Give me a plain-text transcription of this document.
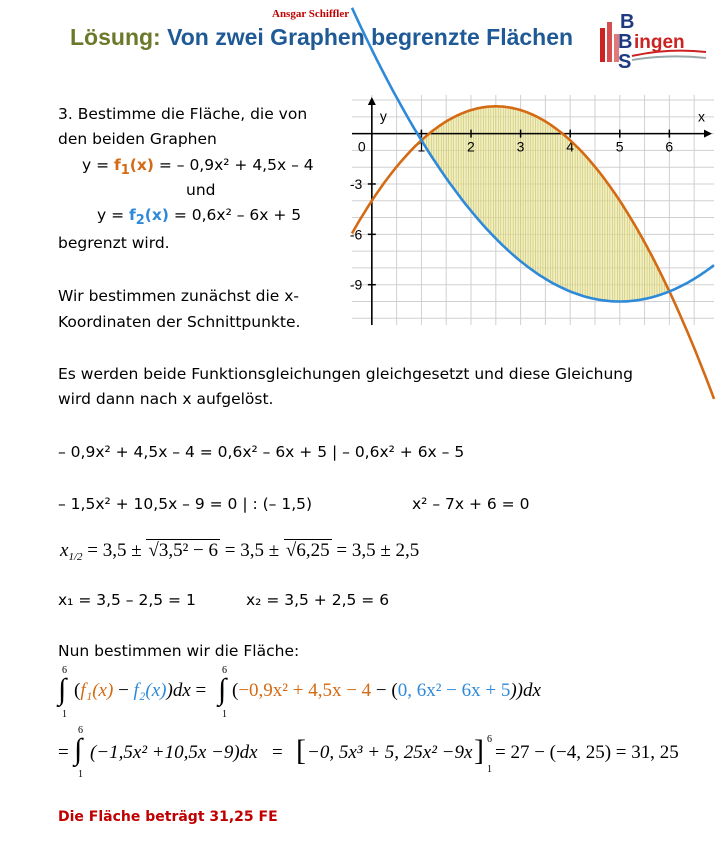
Ansgar Schiffler
Lösung: Von zwei Graphen begrenzte Flächen
B
B
S
ingen
3. Bestimme die Fläche, die von
den beiden Graphen
$y = f_1(x)$ = – 0,9x² + 4,5x – 4
und
$y = f_2(x) = 0,6x^2 - 6x + 5$
begrenzt wird.
Wir bestimmen zunächst die x-
Koordinaten der Schnittpunkte.
0	1	2	3	4	5	6
-3
-6
-9
x
y
Es werden beide Funktionsgleichungen gleichgesetzt und diese Gleichung
wird dann nach x aufgelöst.
– 0,9x² + 4,5x – 4 = 0,6x² – 6x + 5 | – 0,6x² + 6x – 5
– 1,5x² + 10,5x – 9 = 0 | : (– 1,5)	x² – 7x + 6 = 0
$x_{1/2} = 3,5 \pm √3,5^2 - 6 = 3,5 \pm √6,25 = 3,5 \pm 2,5$
x₁ = 3,5 – 2,5 = 1	x₂ = 3,5 + 2,5 = 6
Nun bestimmen wir die Fläche:
6
∫
1
(f₁(x) − f₂(x))dx =
6
∫
1
(−0,9x² + 4,5x − 4 − (0, 6x² − 6x + 5))dx
=
6
∫
1
(−1,5x² +10,5x −9)dx = [ −0, 5x³ + 5, 25x² −9x ] 6
1
= 27 − (−4, 25) = 31, 25
Die Fläche beträgt 31,25 FE
